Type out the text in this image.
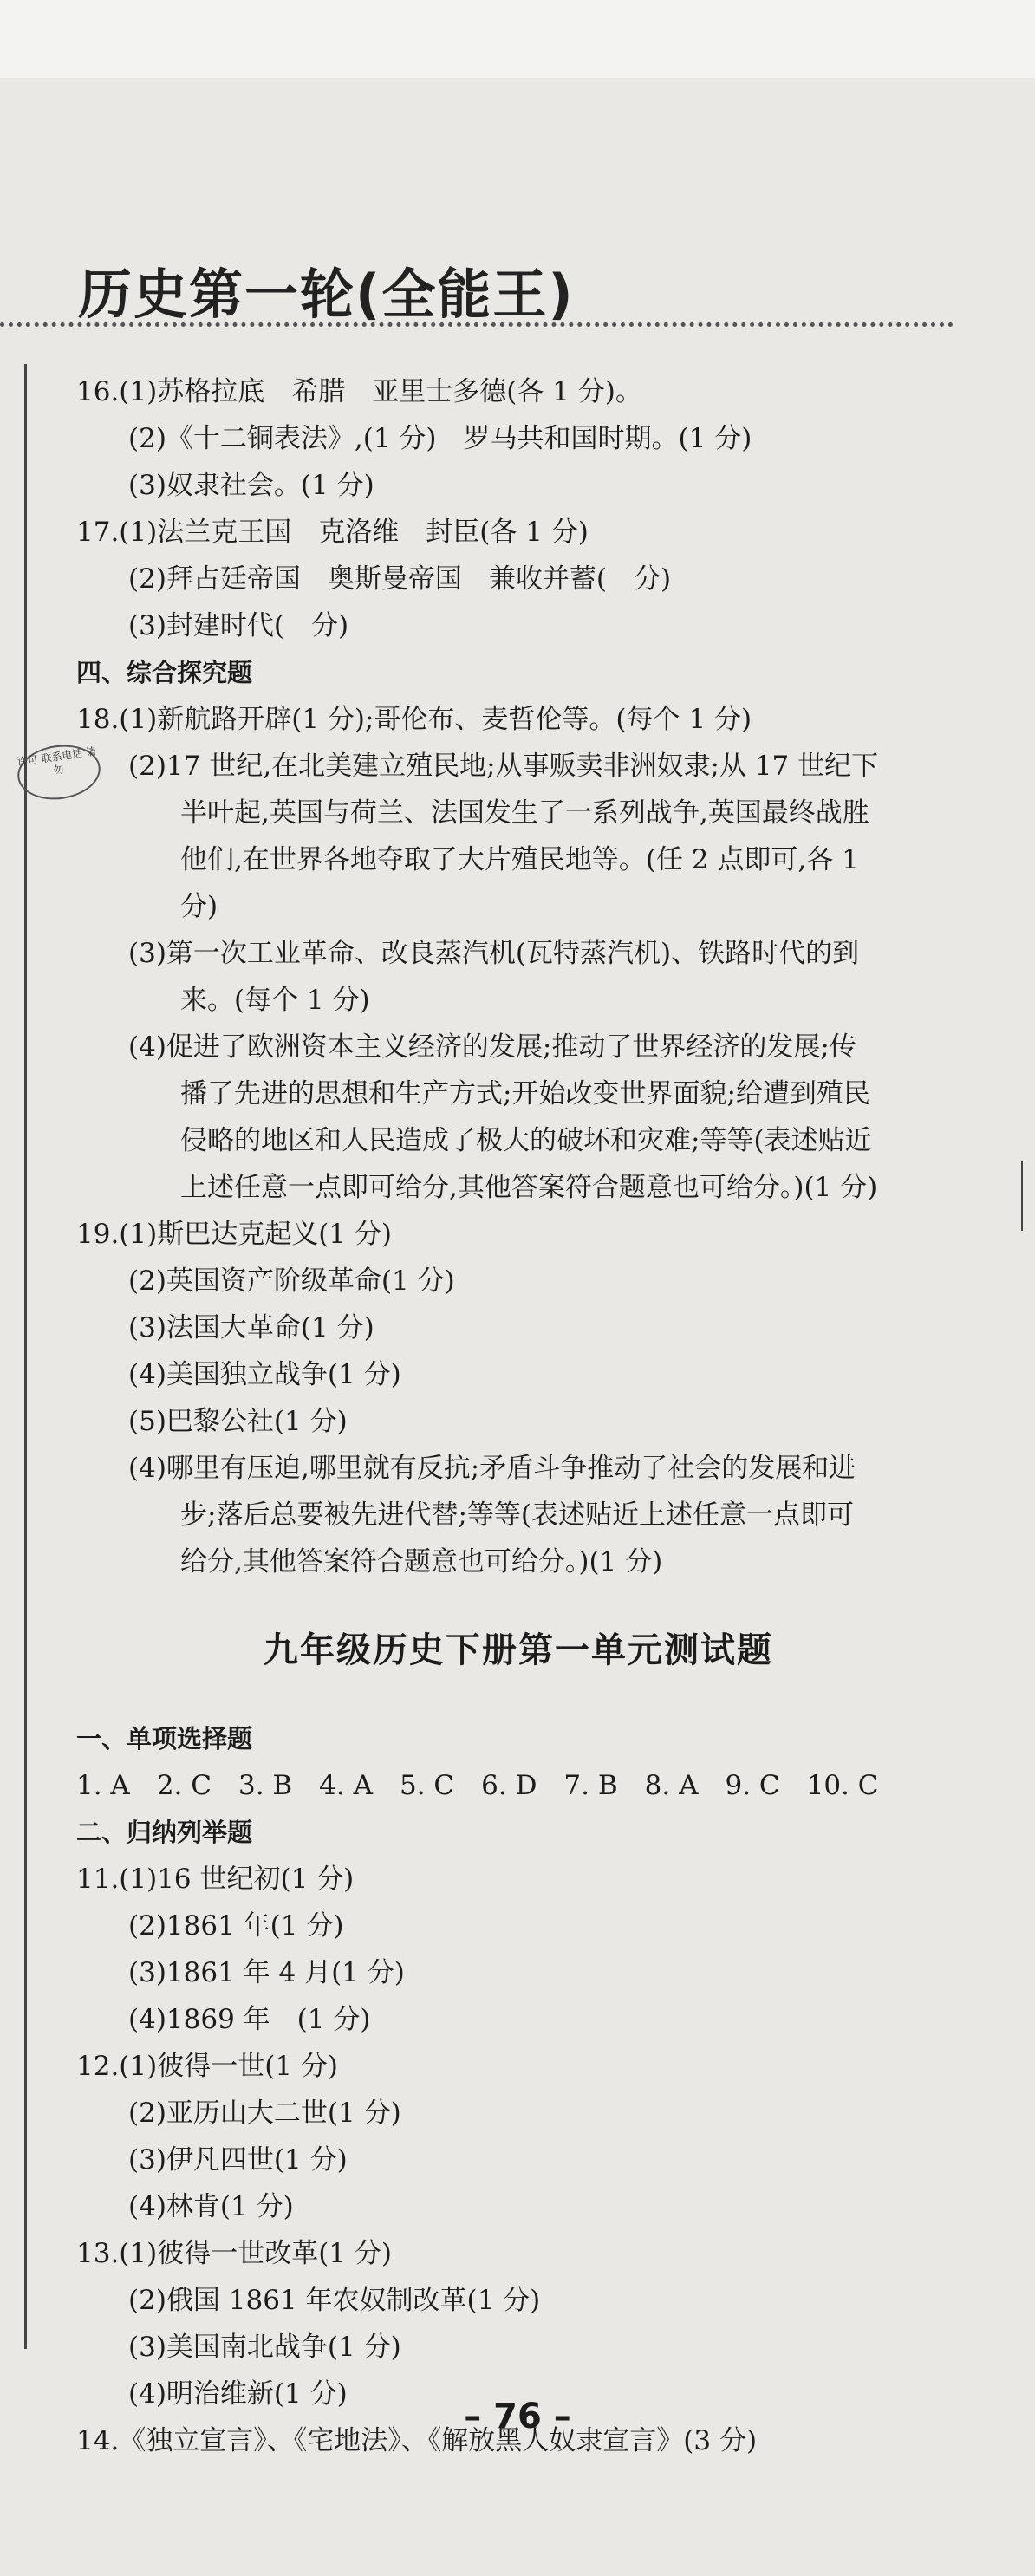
历史第一轮(全能王)
许可 联系电话 请勿
16.(1)苏格拉底　希腊　亚里士多德(各 1 分)。
(2)《十二铜表法》,(1 分)　罗马共和国时期。(1 分)
(3)奴隶社会。(1 分)
17.(1)法兰克王国　克洛维　封臣(各 1 分)
(2)拜占廷帝国　奥斯曼帝国　兼收并蓄(　分)
(3)封建时代(　分)
四、综合探究题
18.(1)新航路开辟(1 分);哥伦布、麦哲伦等。(每个 1 分)
(2)17 世纪,在北美建立殖民地;从事贩卖非洲奴隶;从 17 世纪下
半叶起,英国与荷兰、法国发生了一系列战争,英国最终战胜
他们,在世界各地夺取了大片殖民地等。(任 2 点即可,各 1
分)
(3)第一次工业革命、改良蒸汽机(瓦特蒸汽机)、铁路时代的到
来。(每个 1 分)
(4)促进了欧洲资本主义经济的发展;推动了世界经济的发展;传
播了先进的思想和生产方式;开始改变世界面貌;给遭到殖民
侵略的地区和人民造成了极大的破坏和灾难;等等(表述贴近
上述任意一点即可给分,其他答案符合题意也可给分。)(1 分)
19.(1)斯巴达克起义(1 分)
(2)英国资产阶级革命(1 分)
(3)法国大革命(1 分)
(4)美国独立战争(1 分)
(5)巴黎公社(1 分)
(4)哪里有压迫,哪里就有反抗;矛盾斗争推动了社会的发展和进
步;落后总要被先进代替;等等(表述贴近上述任意一点即可
给分,其他答案符合题意也可给分。)(1 分)
九年级历史下册第一单元测试题
一、单项选择题
1. A　2. C　3. B　4. A　5. C　6. D　7. B　8. A　9. C　10. C
二、归纳列举题
11.(1)16 世纪初(1 分)
(2)1861 年(1 分)
(3)1861 年 4 月(1 分)
(4)1869 年　(1 分)
12.(1)彼得一世(1 分)
(2)亚历山大二世(1 分)
(3)伊凡四世(1 分)
(4)林肯(1 分)
13.(1)彼得一世改革(1 分)
(2)俄国 1861 年农奴制改革(1 分)
(3)美国南北战争(1 分)
(4)明治维新(1 分)
14.《独立宣言》、《宅地法》、《解放黑人奴隶宣言》(3 分)
– 76 –
